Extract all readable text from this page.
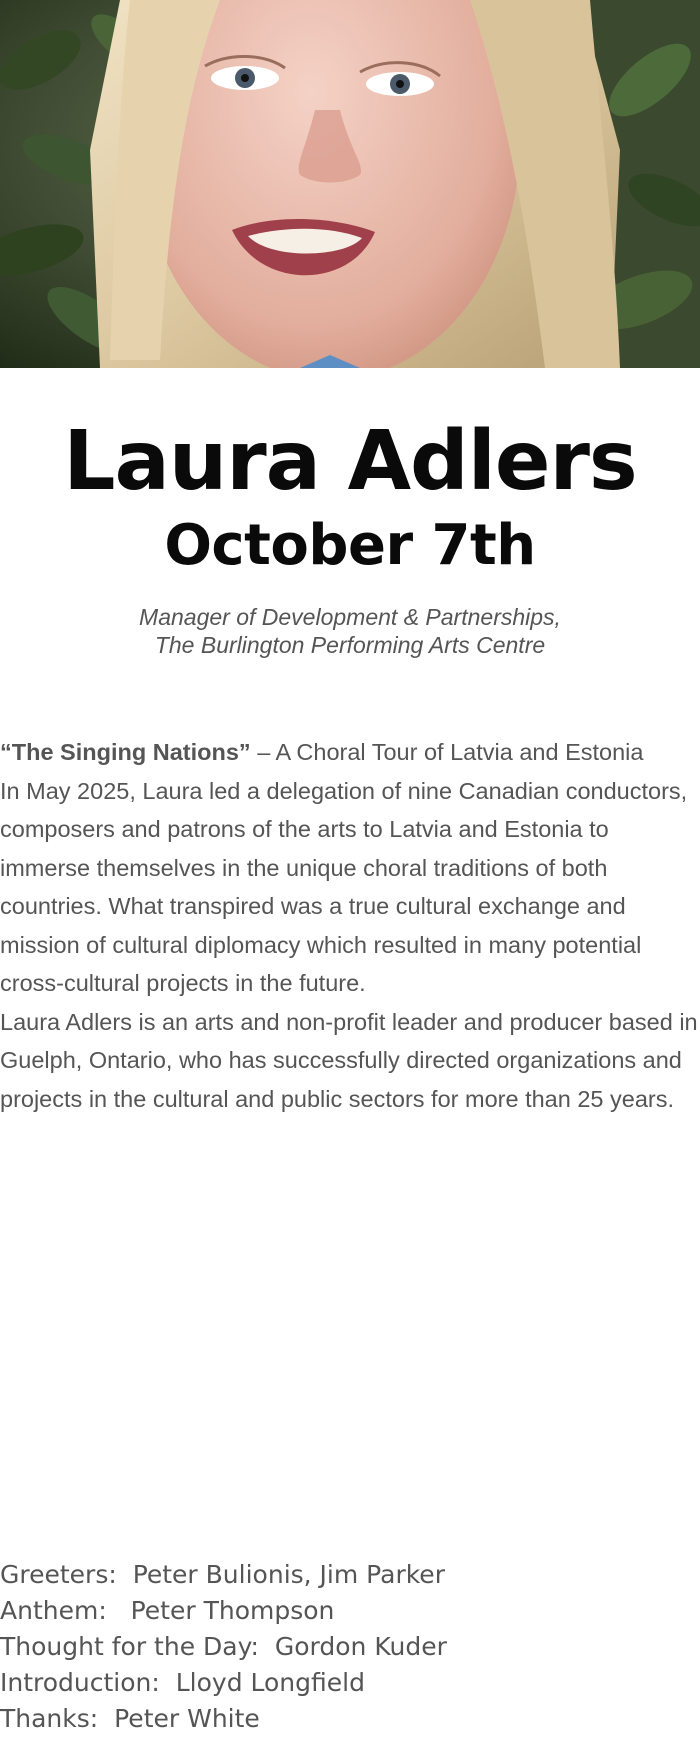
Laura Adlers
October 7th
Manager of Development & Partnerships,
The Burlington Performing Arts Centre

“The Singing Nations” – A Choral Tour of Latvia and Estonia

In May 2025, Laura led a delegation of nine Canadian conductors, composers and patrons of the arts to Latvia and Estonia to immerse themselves in the unique choral traditions of both countries. What transpired was a true cultural exchange and mission of cultural diplomacy which resulted in many potential cross-cultural projects in the future.

Laura Adlers is an arts and non-profit leader and producer based in Guelph, Ontario, who has successfully directed organizations and projects in the cultural and public sectors for more than 25 years.

Greeters: Peter Bulionis, Jim Parker
Anthem:   Peter Thompson
Thought for the Day: Gordon Kuder
Introduction: Lloyd Longfield
Thanks: Peter White
